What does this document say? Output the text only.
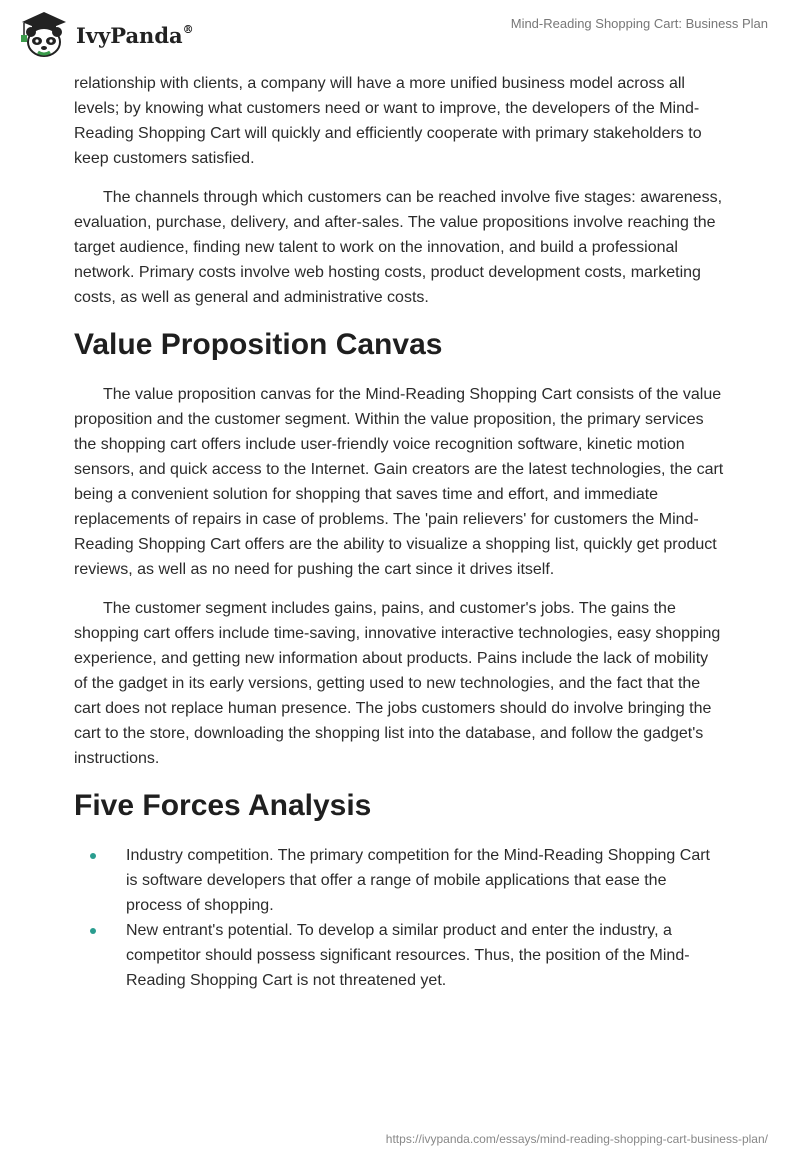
IvyPanda®	Mind-Reading Shopping Cart: Business Plan

relationship with clients, a company will have a more unified business model across all levels; by knowing what customers need or want to improve, the developers of the Mind-Reading Shopping Cart will quickly and efficiently cooperate with primary stakeholders to keep customers satisfied.

The channels through which customers can be reached involve five stages: awareness, evaluation, purchase, delivery, and after-sales. The value propositions involve reaching the target audience, finding new talent to work on the innovation, and build a professional network. Primary costs involve web hosting costs, product development costs, marketing costs, as well as general and administrative costs.

Value Proposition Canvas

The value proposition canvas for the Mind-Reading Shopping Cart consists of the value proposition and the customer segment. Within the value proposition, the primary services the shopping cart offers include user-friendly voice recognition software, kinetic motion sensors, and quick access to the Internet. Gain creators are the latest technologies, the cart being a convenient solution for shopping that saves time and effort, and immediate replacements of repairs in case of problems. The 'pain relievers' for customers the Mind-Reading Shopping Cart offers are the ability to visualize a shopping list, quickly get product reviews, as well as no need for pushing the cart since it drives itself.

The customer segment includes gains, pains, and customer's jobs. The gains the shopping cart offers include time-saving, innovative interactive technologies, easy shopping experience, and getting new information about products. Pains include the lack of mobility of the gadget in its early versions, getting used to new technologies, and the fact that the cart does not replace human presence. The jobs customers should do involve bringing the cart to the store, downloading the shopping list into the database, and follow the gadget's instructions.

Five Forces Analysis
Industry competition. The primary competition for the Mind-Reading Shopping Cart is software developers that offer a range of mobile applications that ease the process of shopping.
New entrant's potential. To develop a similar product and enter the industry, a competitor should possess significant resources. Thus, the position of the Mind-Reading Shopping Cart is not threatened yet.
https://ivypanda.com/essays/mind-reading-shopping-cart-business-plan/
